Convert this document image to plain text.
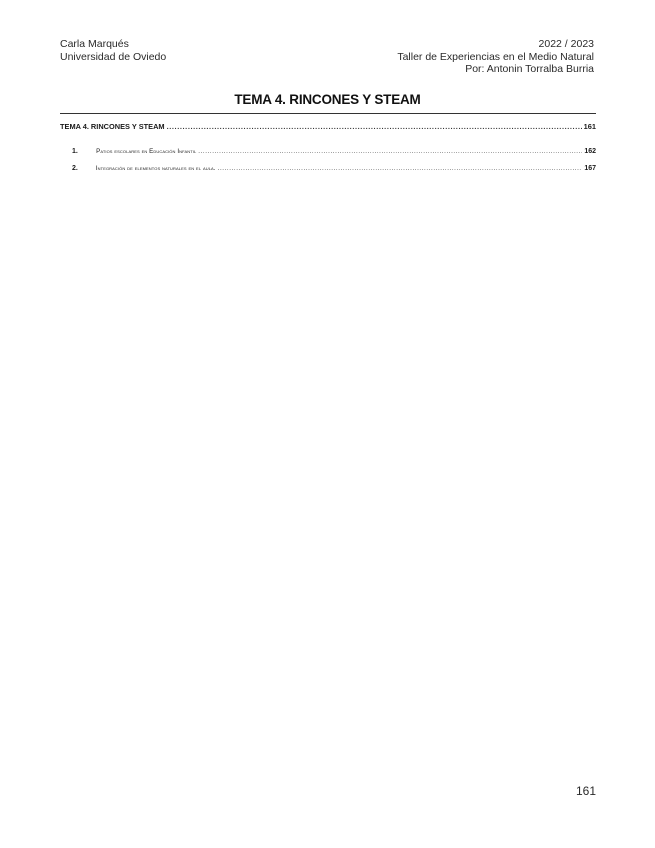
Carla Marqués
Universidad de Oviedo
2022 / 2023
Taller de Experiencias en el Medio Natural
Por: Antonin Torralba Burria
TEMA 4. RINCONES Y STEAM
TEMA 4. RINCONES Y STEAM .....	161
1.	Patios escolares en Educación Infantil .....	162
2.	Integración de elementos naturales en el aula. .....	167
161
